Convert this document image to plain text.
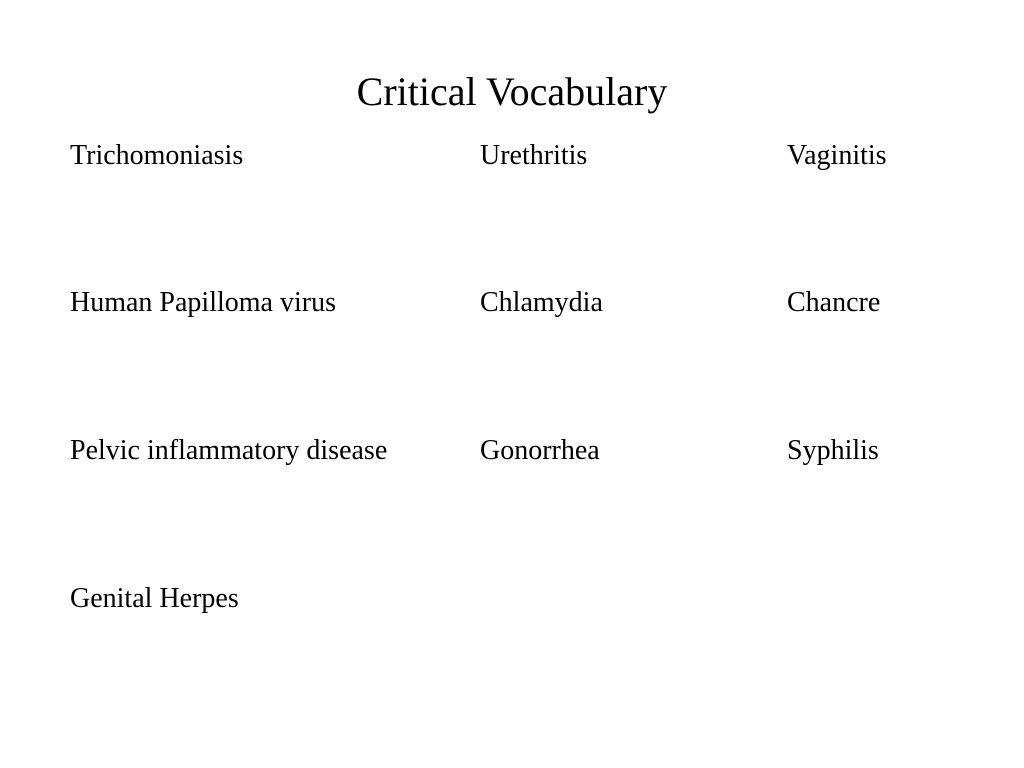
Critical Vocabulary
Trichomoniasis	Urethritis	Vaginitis
Human Papilloma virus	Chlamydia	Chancre
Pelvic inflammatory disease	Gonorrhea	Syphilis
Genital Herpes
